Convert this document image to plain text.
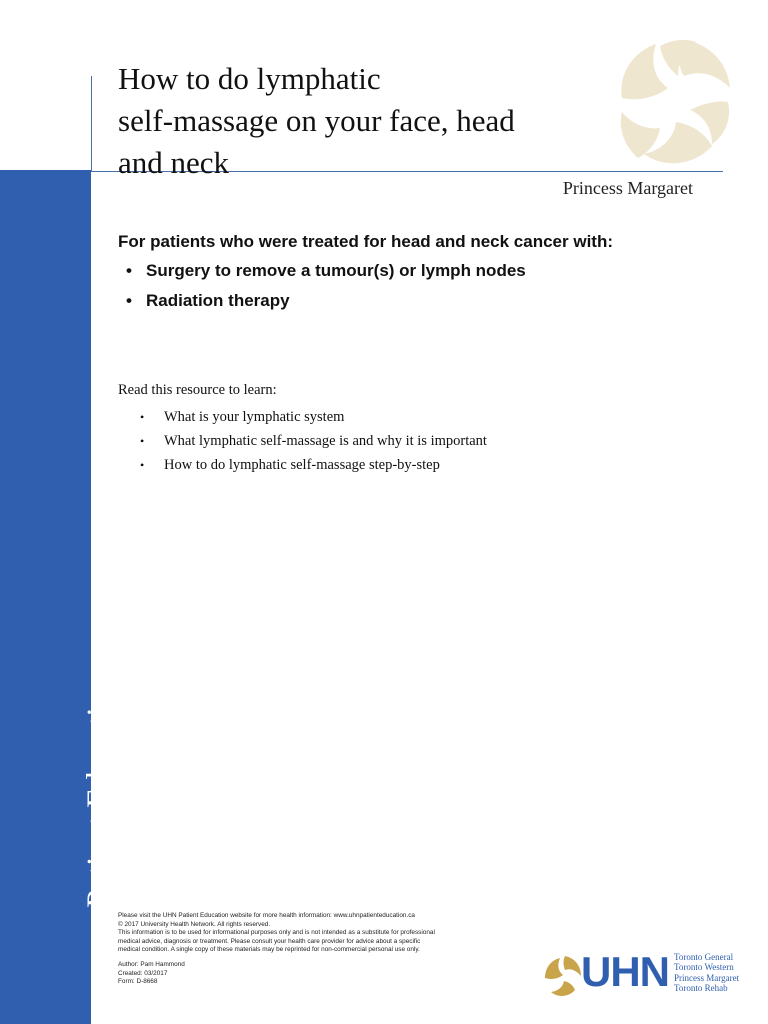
How to do lymphatic
self-massage on your face, head
and neck
Princess Margaret
Patient Education Improving health through education
For patients who were treated for head and neck cancer with:
• Surgery to remove a tumour(s) or lymph nodes
• Radiation therapy

Read this resource to learn:

• What is your lymphatic system
• What lymphatic self-massage is and why it is important
• How to do lymphatic self-massage step-by-step
Please visit the UHN Patient Education website for more health information: www.uhnpatienteducation.ca
© 2017 University Health Network. All rights reserved.
This information is to be used for informational purposes only and is not intended as a substitute for professional
medical advice, diagnosis or treatment. Please consult your health care provider for advice about a specific
medical condition. A single copy of these materials may be reprinted for non-commercial personal use only.
Author: Pam Hammond
Created: 03/2017
Form: D-8668	UHN Toronto General
Toronto Western
Princess Margaret
Toronto Rehab
